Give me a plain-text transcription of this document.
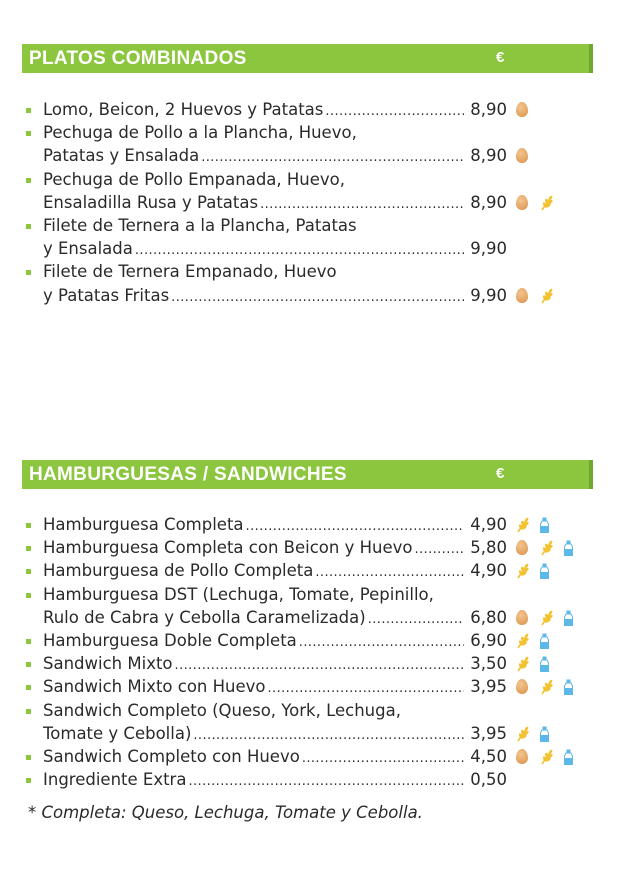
PLATOS COMBINADOS	€
Lomo, Beicon, 2 Huevos y Patatas .....	8,90
Pechuga de Pollo a la Plancha, Huevo,
Patatas y Ensalada .....	8,90
Pechuga de Pollo Empanada, Huevo,
Ensaladilla Rusa y Patatas .....	8,90
Filete de Ternera a la Plancha, Patatas
y Ensalada .....	9,90
Filete de Ternera Empanado, Huevo
y Patatas Fritas .....	9,90
HAMBURGUESAS / SANDWICHES	€
Hamburguesa Completa .....	4,90
Hamburguesa Completa con Beicon y Huevo .....	5,80
Hamburguesa de Pollo Completa .....	4,90
Hamburguesa DST (Lechuga, Tomate, Pepinillo,
Rulo de Cabra y Cebolla Caramelizada) .....	6,80
Hamburguesa Doble Completa .....	6,90
Sandwich Mixto .....	3,50
Sandwich Mixto con Huevo .....	3,95
Sandwich Completo (Queso, York, Lechuga,
Tomate y Cebolla) .....	3,95
Sandwich Completo con Huevo .....	4,50
Ingrediente Extra .....	0,50
* Completa: Queso, Lechuga, Tomate y Cebolla.
